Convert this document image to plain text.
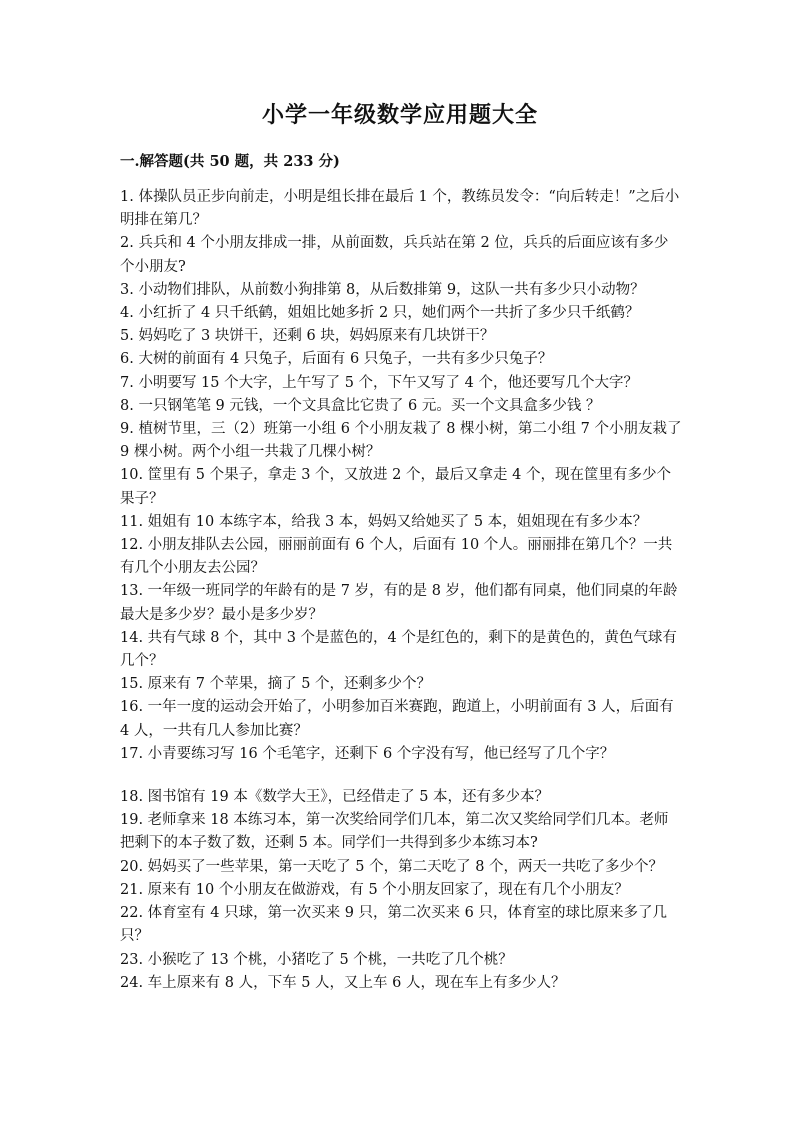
小学一年级数学应用题大全
一.解答题(共 50 题，共 233 分)
1. 体操队员正步向前走，小明是组长排在最后 1 个，教练员发令：“向后转走！”之后小明排在第几？
2. 兵兵和 4 个小朋友排成一排，从前面数，兵兵站在第 2 位，兵兵的后面应该有多少个小朋友?
3. 小动物们排队，从前数小狗排第 8，从后数排第 9，这队一共有多少只小动物？
4. 小红折了 4 只千纸鹤，姐姐比她多折 2 只，她们两个一共折了多少只千纸鹤？
5. 妈妈吃了 3 块饼干，还剩 6 块，妈妈原来有几块饼干？
6. 大树的前面有 4 只兔子，后面有 6 只兔子，一共有多少只兔子？
7. 小明要写 15 个大字，上午写了 5 个，下午又写了 4 个，他还要写几个大字？
8. 一只钢笔笔 9 元钱，一个文具盒比它贵了 6 元。买一个文具盒多少钱 ？
9. 植树节里，三（2）班第一小组 6 个小朋友栽了 8 棵小树，第二小组 7 个小朋友栽了 9 棵小树。两个小组一共栽了几棵小树？
10. 筐里有 5 个果子，拿走 3 个，又放进 2 个，最后又拿走 4 个，现在筐里有多少个果子？
11. 姐姐有 10 本练字本，给我 3 本，妈妈又给她买了 5 本，姐姐现在有多少本？
12. 小朋友排队去公园，丽丽前面有 6 个人，后面有 10 个人。丽丽排在第几个？一共有几个小朋友去公园？
13. 一年级一班同学的年龄有的是 7 岁，有的是 8 岁，他们都有同桌，他们同桌的年龄最大是多少岁？最小是多少岁？
14. 共有气球 8 个，其中 3 个是蓝色的，4 个是红色的，剩下的是黄色的，黄色气球有几个？
15. 原来有 7 个苹果，摘了 5 个，还剩多少个？
16. 一年一度的运动会开始了，小明参加百米赛跑，跑道上，小明前面有 3 人，后面有 4 人，一共有几人参加比赛？
17. 小青要练习写 16 个毛笔字，还剩下 6 个字没有写，他已经写了几个字？
18. 图书馆有 19 本《数学大王》，已经借走了 5 本，还有多少本？
19. 老师拿来 18 本练习本，第一次奖给同学们几本，第二次又奖给同学们几本。老师把剩下的本子数了数，还剩 5 本。同学们一共得到多少本练习本?
20. 妈妈买了一些苹果，第一天吃了 5 个，第二天吃了 8 个，两天一共吃了多少个？
21. 原来有 10 个小朋友在做游戏，有 5 个小朋友回家了，现在有几个小朋友？
22. 体育室有 4 只球，第一次买来 9 只，第二次买来 6 只，体育室的球比原来多了几只？
23. 小猴吃了 13 个桃，小猪吃了 5 个桃，一共吃了几个桃？
24. 车上原来有 8 人，下车 5 人，又上车 6 人，现在车上有多少人？
